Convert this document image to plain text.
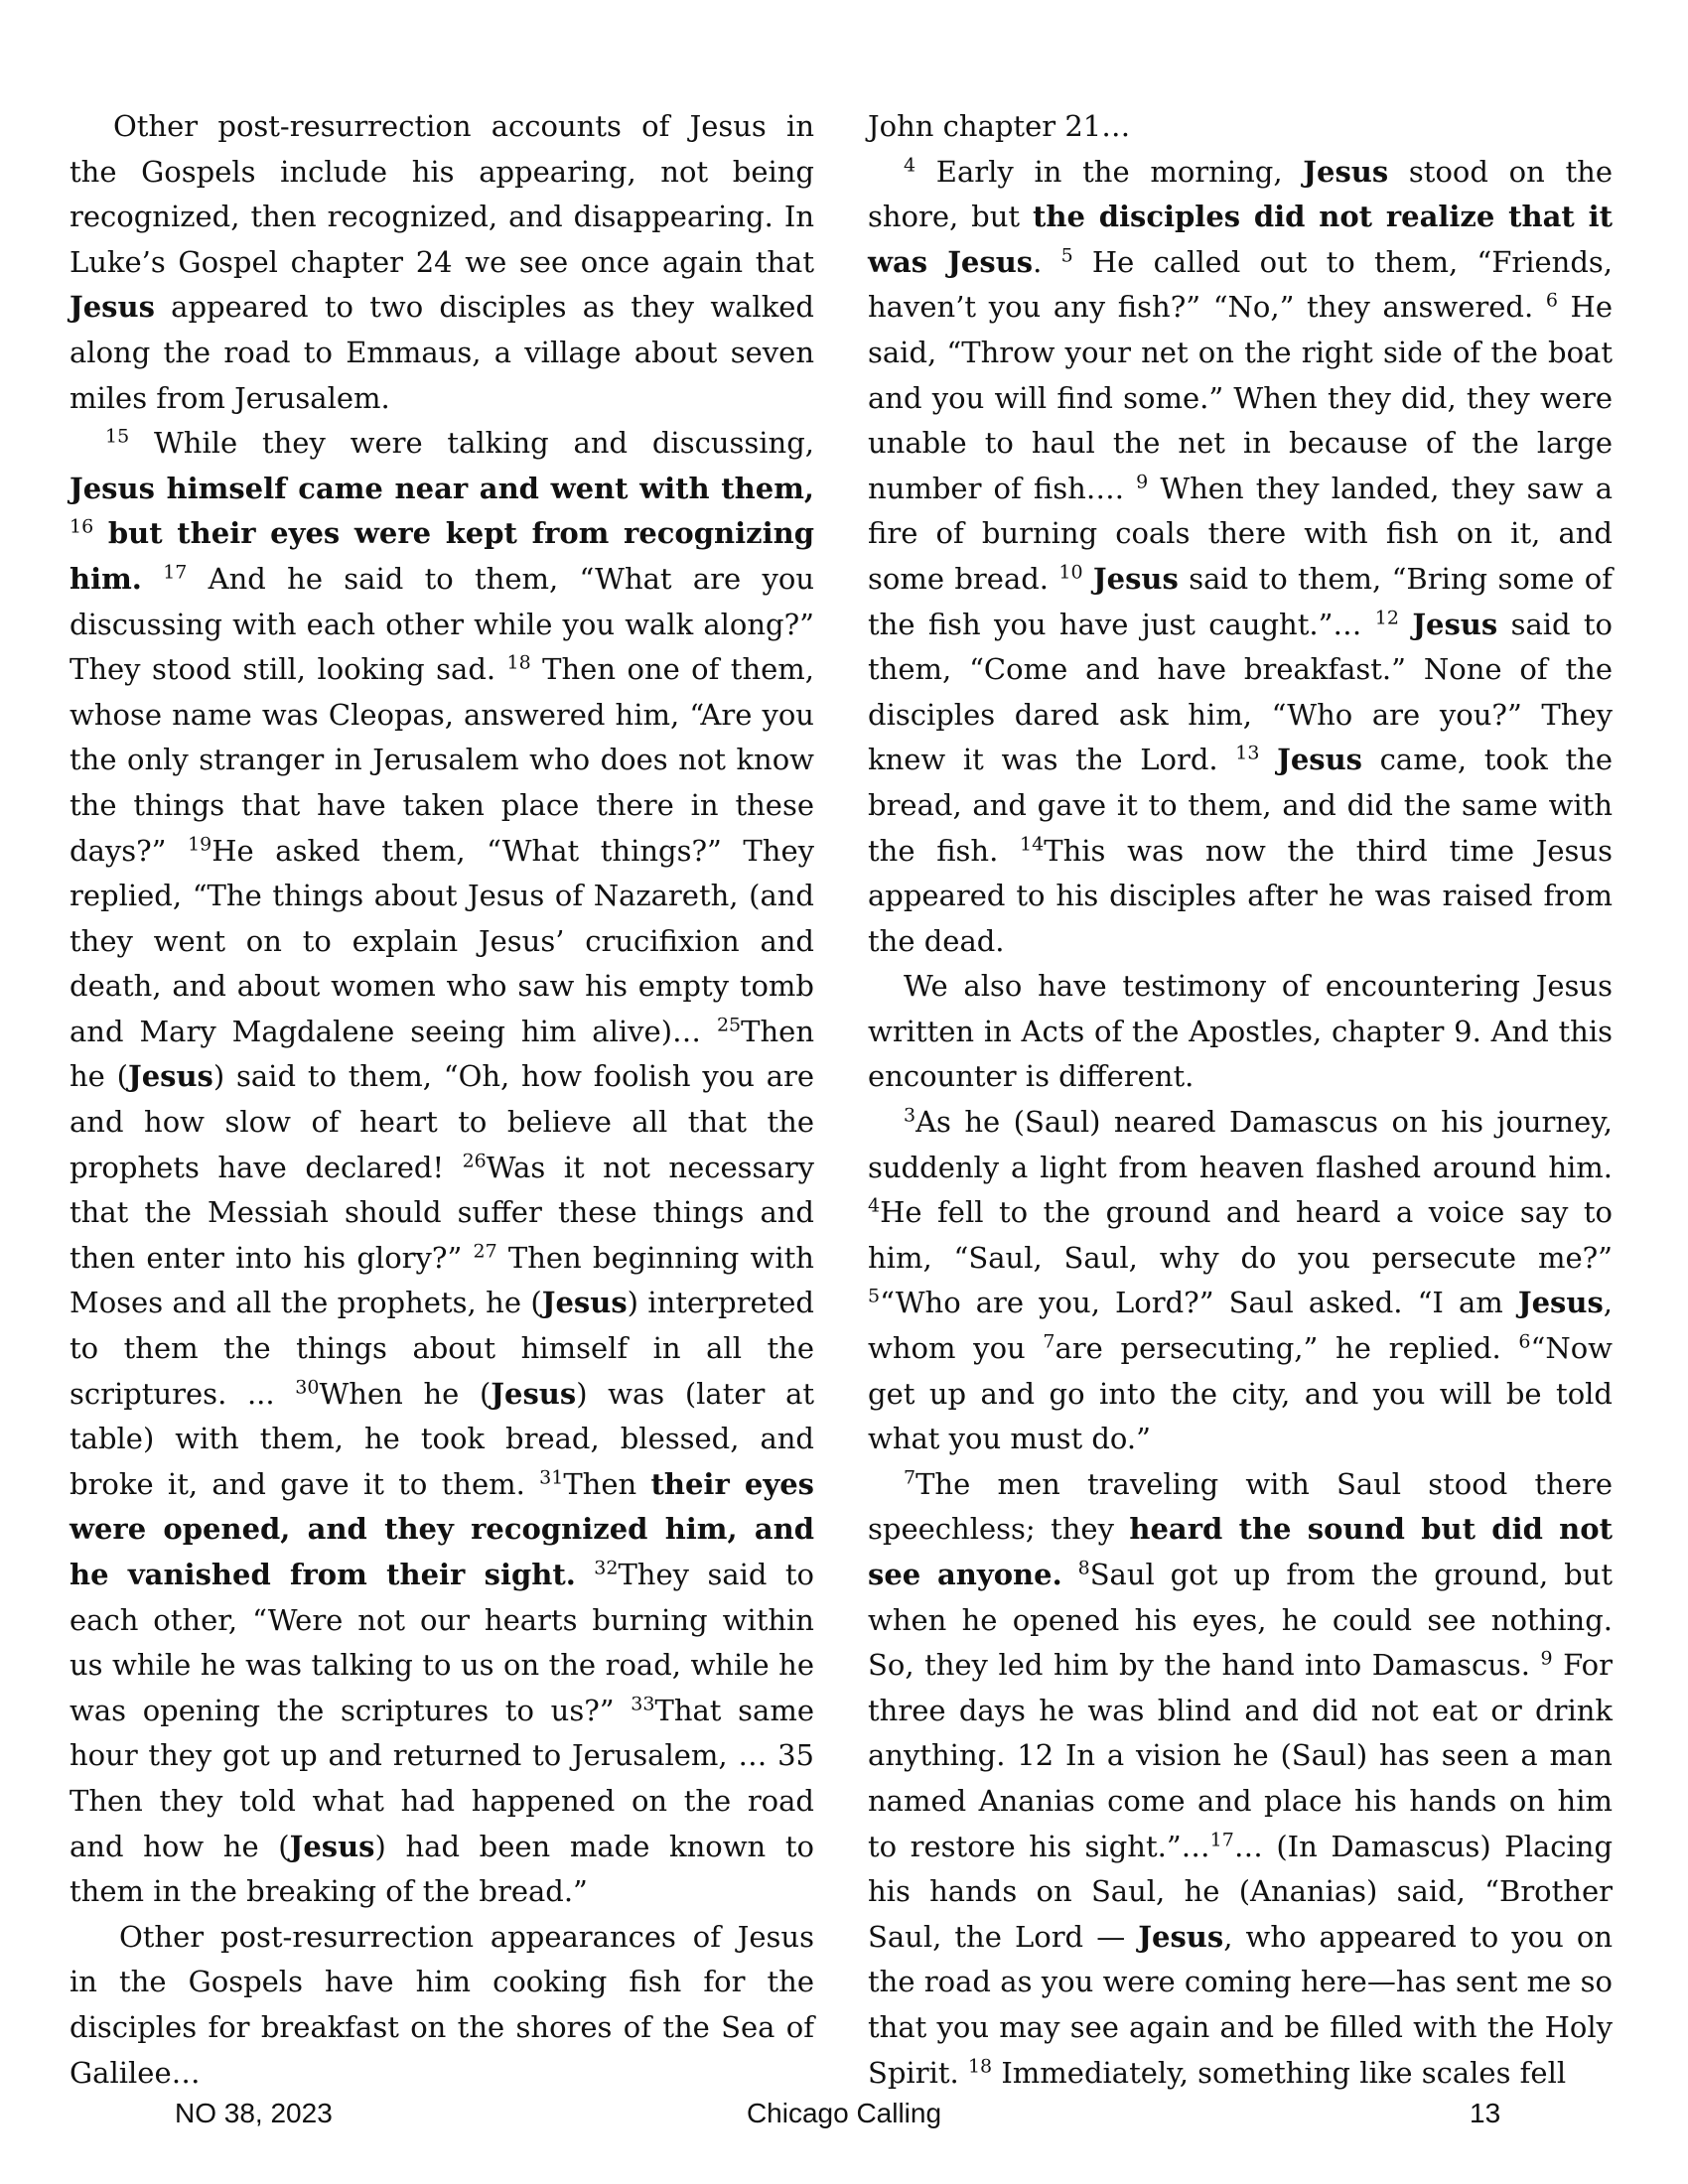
Other post-resurrection accounts of Jesus in the Gospels include his appearing, not being recognized, then recognized, and disappearing. In Luke’s Gospel chapter 24 we see once again that Jesus appeared to two disciples as they walked along the road to Emmaus, a village about seven miles from Jerusalem.

$^{15}$ While they were talking and discussing, Jesus himself came near and went with them, $^{16}$ but their eyes were kept from recognizing him. $^{17}$ And he said to them, “What are you discussing with each other while you walk along?” They stood still, looking sad. $^{18}$ Then one of them, whose name was Cleopas, answered him, “Are you the only stranger in Jerusalem who does not know the things that have taken place there in these days?” $^{19}$He asked them, “What things?” They replied, “The things about Jesus of Nazareth, (and they went on to explain Jesus’ crucifixion and death, and about women who saw his empty tomb and Mary Magdalene seeing him alive)… $^{25}$Then he (Jesus) said to them, “Oh, how foolish you are and how slow of heart to believe all that the prophets have declared! $^{26}$Was it not necessary that the Messiah should suffer these things and then enter into his glory?” $^{27}$ Then beginning with Moses and all the prophets, he (Jesus) interpreted to them the things about himself in all the scriptures. ... $^{30}$When he (Jesus) was (later at table) with them, he took bread, blessed, and broke it, and gave it to them. $^{31}$Then their eyes were opened, and they recognized him, and he vanished from their sight. $^{32}$They said to each other, “Were not our hearts burning within us while he was talking to us on the road, while he was opening the scriptures to us?” $^{33}$That same hour they got up and returned to Jerusalem, … 35 Then they told what had happened on the road and how he (Jesus) had been made known to them in the breaking of the bread.”

Other post-resurrection appearances of Jesus in the Gospels have him cooking fish for the disciples for breakfast on the shores of the Sea of Galilee…

John chapter 21…

$^4$ Early in the morning, Jesus stood on the shore, but the disciples did not realize that it was Jesus. $^5$ He called out to them, “Friends, haven’t you any fish?” “No,” they answered. $^6$ He said, “Throw your net on the right side of the boat and you will find some.” When they did, they were unable to haul the net in because of the large number of fish…. $^9$ When they landed, they saw a fire of burning coals there with fish on it, and some bread. $^{10}$ Jesus said to them, “Bring some of the fish you have just caught.”… $^{12}$ Jesus said to them, “Come and have breakfast.” None of the disciples dared ask him, “Who are you?” They knew it was the Lord. $^{13}$ Jesus came, took the bread, and gave it to them, and did the same with the fish. $^{14}$This was now the third time Jesus appeared to his disciples after he was raised from the dead.

We also have testimony of encountering Jesus written in Acts of the Apostles, chapter 9. And this encounter is different.

$^3$As he (Saul) neared Damascus on his journey, suddenly a light from heaven flashed around him. $^4$He fell to the ground and heard a voice say to him, “Saul, Saul, why do you persecute me?” $^5$“Who are you, Lord?” Saul asked. “I am Jesus, whom you $^7$are persecuting,” he replied. $^6$“Now get up and go into the city, and you will be told what you must do.”

$^7$The men traveling with Saul stood there speechless; they heard the sound but did not see anyone. $^8$Saul got up from the ground, but when he opened his eyes, he could see nothing. So, they led him by the hand into Damascus. $^9$ For three days he was blind and did not eat or drink anything. 12 In a vision he (Saul) has seen a man named Ananias come and place his hands on him to restore his sight.”…$^{17}$… (In Damascus) Placing his hands on Saul, he (Ananias) said, “Brother Saul, the Lord — Jesus, who appeared to you on the road as you were coming here—has sent me so that you may see again and be filled with the Holy Spirit. $^{18}$ Immediately, something like scales fell

Chicago Calling
NO 38, 2023	13
